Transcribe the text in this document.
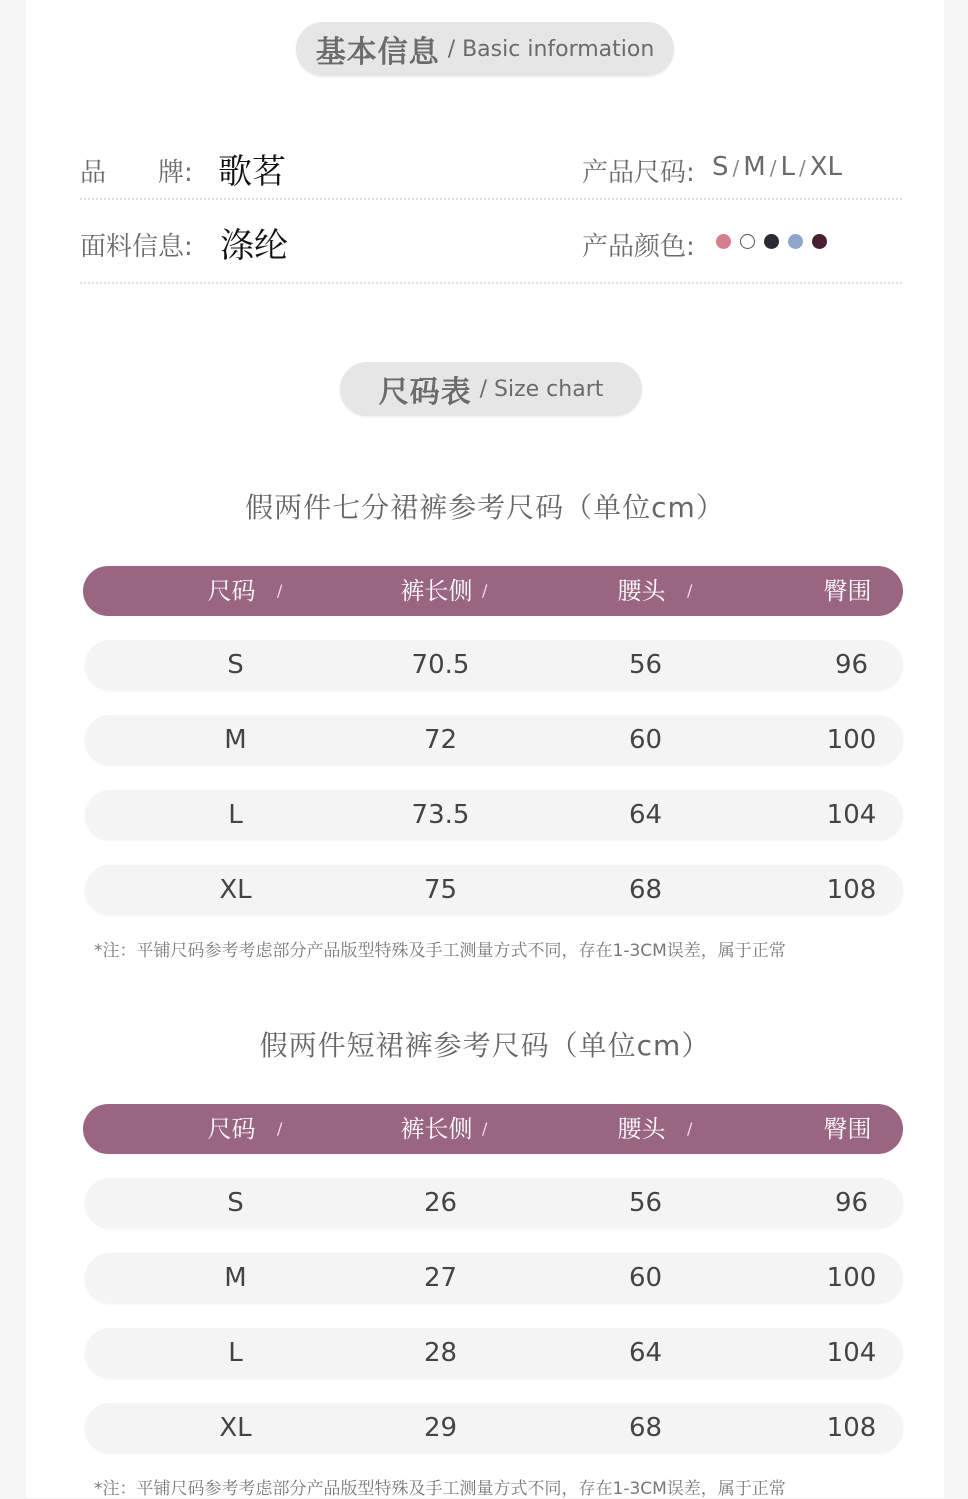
基本信息 / Basic information
品 牌: 歌茗	产品尺码: S / M / L / XL
面料信息: 涤纶	产品颜色:
尺码表 / Size chart
假两件七分裙裤参考尺码（单位cm）
尺码	/	裤长侧 /	腰头	/	臀围
S	70.5	56	96
M	72	60	100
L	73.5	64	104
XL	75	68	108
*注：平铺尺码参考考虑部分产品版型特殊及手工测量方式不同，存在1-3CM误差，属于正常
假两件短裙裤参考尺码（单位cm）
尺码	/	裤长侧 /	腰头	/	臀围
S	26	56	96
M	27	60	100
L	28	64	104
XL	29	68	108
*注：平铺尺码参考考虑部分产品版型特殊及手工测量方式不同，存在1-3CM误差，属于正常
